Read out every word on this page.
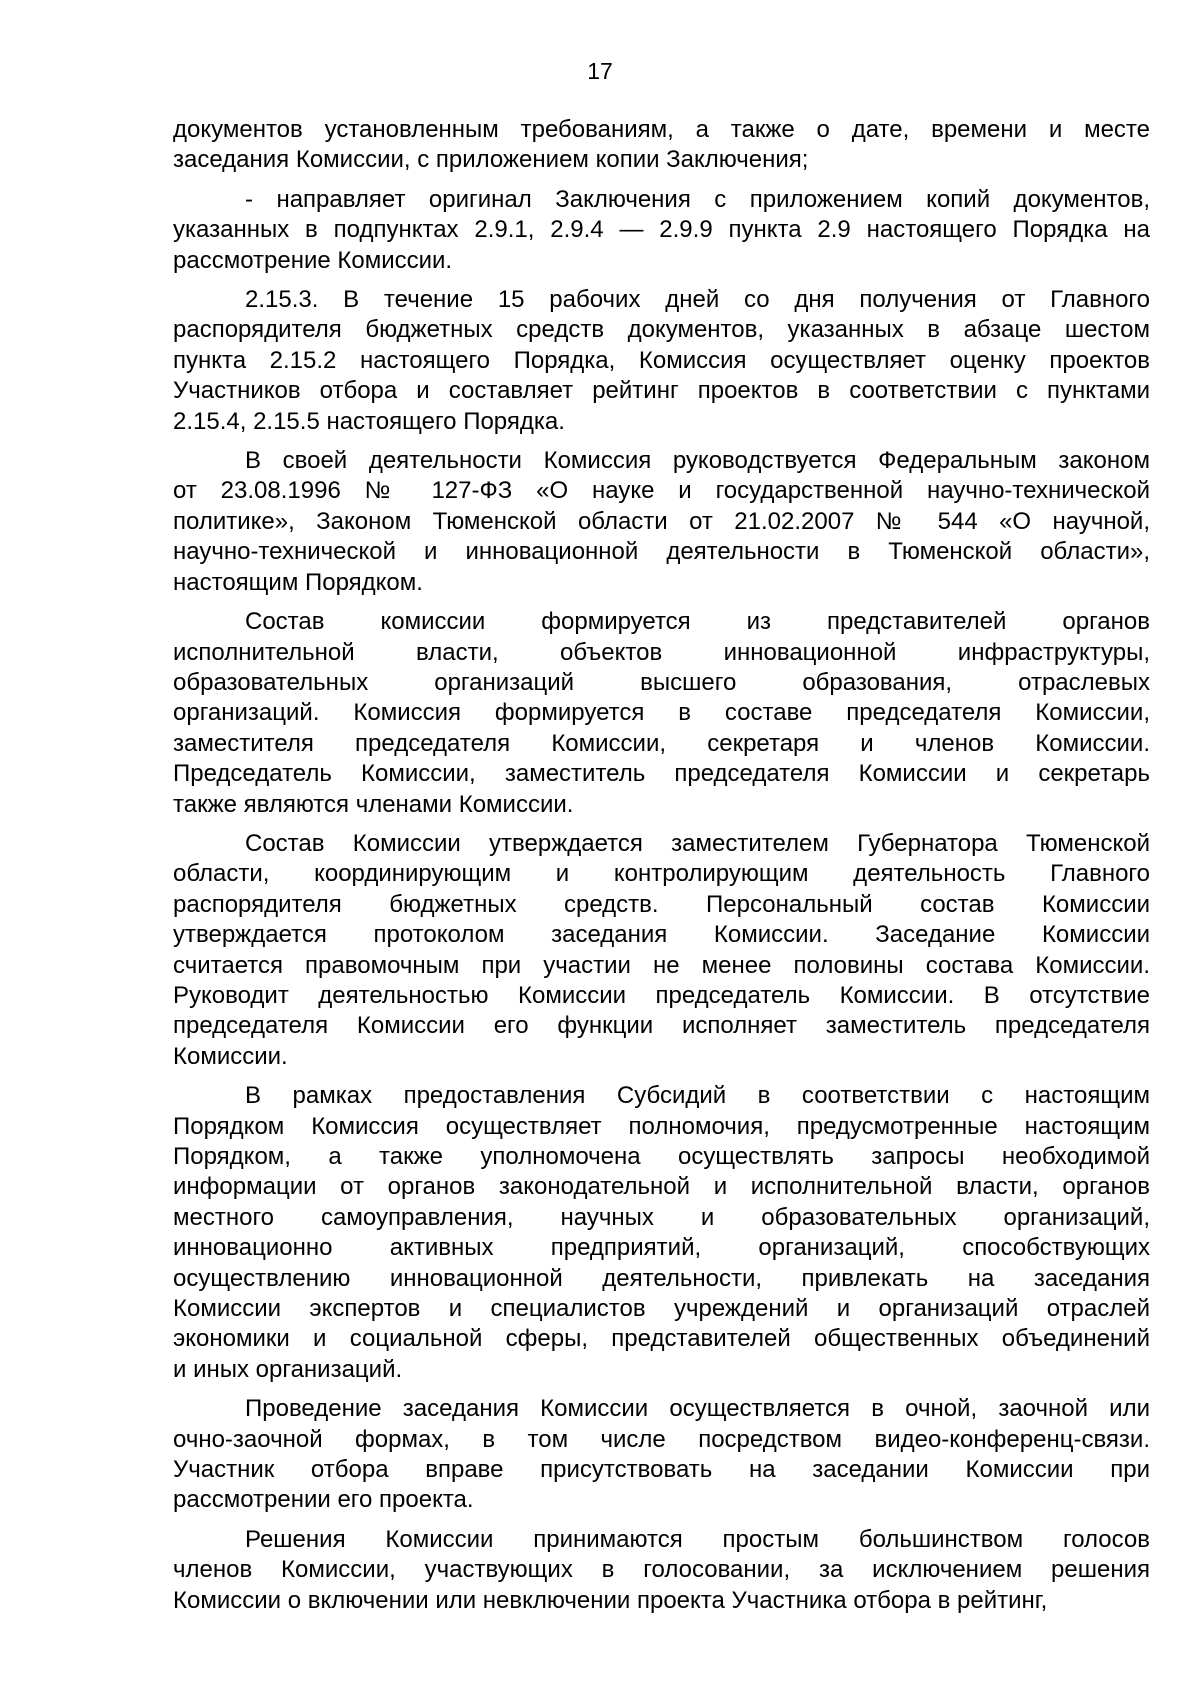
17
документов установленным требованиям, а также о дате, времени и месте
заседания Комиссии, с приложением копии Заключения;
- направляет оригинал Заключения с приложением копий документов,
указанных в подпунктах 2.9.1, 2.9.4 — 2.9.9 пункта 2.9 настоящего Порядка на
рассмотрение Комиссии.
2.15.3. В течение 15 рабочих дней со дня получения от Главного
распорядителя бюджетных средств документов, указанных в абзаце шестом
пункта 2.15.2 настоящего Порядка, Комиссия осуществляет оценку проектов
Участников отбора и составляет рейтинг проектов в соответствии с пунктами
2.15.4, 2.15.5 настоящего Порядка.
В своей деятельности Комиссия руководствуется Федеральным законом
от 23.08.1996 № 127-ФЗ «О науке и государственной научно-технической
политике», Законом Тюменской области от 21.02.2007 № 544 «О научной,
научно-технической и инновационной деятельности в Тюменской области»,
настоящим Порядком.
Состав комиссии формируется из представителей органов
исполнительной власти, объектов инновационной инфраструктуры,
образовательных организаций высшего образования, отраслевых
организаций. Комиссия формируется в составе председателя Комиссии,
заместителя председателя Комиссии, секретаря и членов Комиссии.
Председатель Комиссии, заместитель председателя Комиссии и секретарь
также являются членами Комиссии.
Состав Комиссии утверждается заместителем Губернатора Тюменской
области, координирующим и контролирующим деятельность Главного
распорядителя бюджетных средств. Персональный состав Комиссии
утверждается протоколом заседания Комиссии. Заседание Комиссии
считается правомочным при участии не менее половины состава Комиссии.
Руководит деятельностью Комиссии председатель Комиссии. В отсутствие
председателя Комиссии его функции исполняет заместитель председателя
Комиссии.
В рамках предоставления Субсидий в соответствии с настоящим
Порядком Комиссия осуществляет полномочия, предусмотренные настоящим
Порядком, а также уполномочена осуществлять запросы необходимой
информации от органов законодательной и исполнительной власти, органов
местного самоуправления, научных и образовательных организаций,
инновационно активных предприятий, организаций, способствующих
осуществлению инновационной деятельности, привлекать на заседания
Комиссии экспертов и специалистов учреждений и организаций отраслей
экономики и социальной сферы, представителей общественных объединений
и иных организаций.
Проведение заседания Комиссии осуществляется в очной, заочной или
очно-заочной формах, в том числе посредством видео-конференц-связи.
Участник отбора вправе присутствовать на заседании Комиссии при
рассмотрении его проекта.
Решения Комиссии принимаются простым большинством голосов
членов Комиссии, участвующих в голосовании, за исключением решения
Комиссии о включении или невключении проекта Участника отбора в рейтинг,
